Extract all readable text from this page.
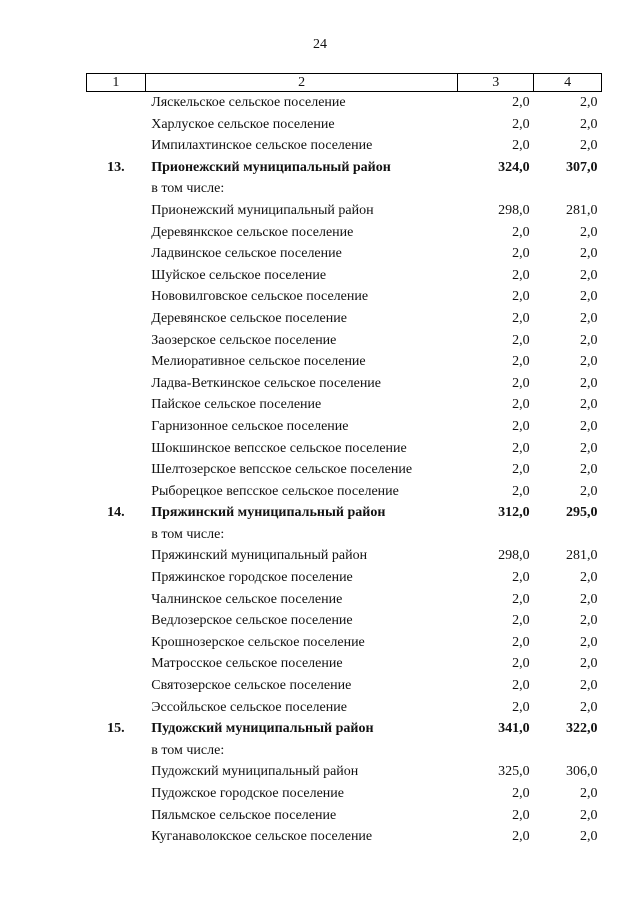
24
1	2	3	4
	Ляскельское сельское поселение	2,0	2,0
	Харлуское сельское поселение	2,0	2,0
	Импилахтинское сельское поселение	2,0	2,0
13.	Прионежский муниципальный район	324,0	307,0
	в том числе:		
	Прионежский муниципальный район	298,0	281,0
	Деревянкское сельское поселение	2,0	2,0
	Ладвинское сельское поселение	2,0	2,0
	Шуйское сельское поселение	2,0	2,0
	Нововилговское сельское поселение	2,0	2,0
	Деревянское сельское поселение	2,0	2,0
	Заозерское сельское поселение	2,0	2,0
	Мелиоративное сельское поселение	2,0	2,0
	Ладва-Веткинское сельское поселение	2,0	2,0
	Пайское сельское поселение	2,0	2,0
	Гарнизонное сельское поселение	2,0	2,0
	Шокшинское вепсское сельское поселение	2,0	2,0
	Шелтозерское вепсское сельское поселение	2,0	2,0
	Рыборецкое вепсское сельское поселение	2,0	2,0
14.	Пряжинский муниципальный район	312,0	295,0
	в том числе:		
	Пряжинский муниципальный район	298,0	281,0
	Пряжинское городское поселение	2,0	2,0
	Чалнинское сельское поселение	2,0	2,0
	Ведлозерское сельское поселение	2,0	2,0
	Крошнозерское сельское поселение	2,0	2,0
	Матросское сельское поселение	2,0	2,0
	Святозерское сельское поселение	2,0	2,0
	Эссойльское сельское поселение	2,0	2,0
15.	Пудожский муниципальный район	341,0	322,0
	в том числе:		
	Пудожский муниципальный район	325,0	306,0
	Пудожское городское поселение	2,0	2,0
	Пяльмское сельское поселение	2,0	2,0
	Куганаволокское сельское поселение	2,0	2,0
